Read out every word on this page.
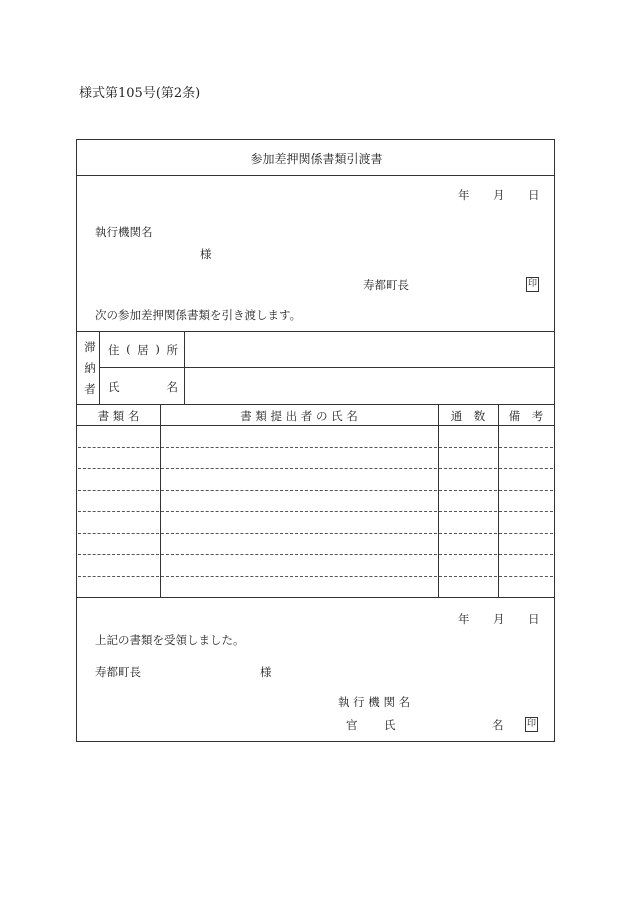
様式第105号(第2条)
参加差押関係書類引渡書
年 月 日
執行機関名
様
寿都町長	印
次の参加差押関係書類を引き渡します。
滞
納
者
住 ( 居 ) 所
氏	名
書 類 名	書 類 提 出 者 の 氏 名	通　数	備　考
年 月 日
上記の書類を受領しました。
寿都町長	様
執 行 機 関 名
官 氏	名	印
